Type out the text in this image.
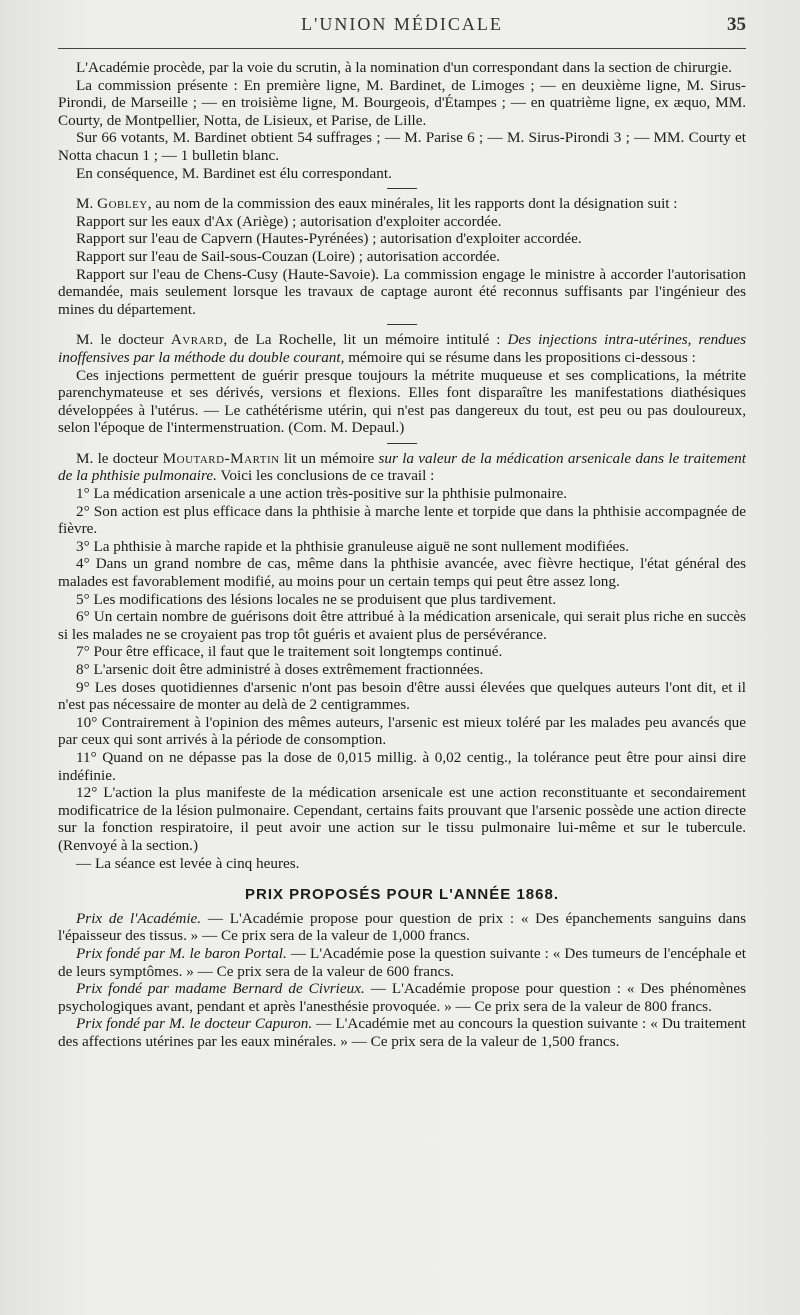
L'UNION MÉDICALE	35

L'Académie procède, par la voie du scrutin, à la nomination d'un correspondant dans la section de chirurgie.

La commission présente : En première ligne, M. Bardinet, de Limoges ; — en deuxième ligne, M. Sirus-Pirondi, de Marseille ; — en troisième ligne, M. Bourgeois, d'Étampes ; — en quatrième ligne, ex æquo, MM. Courty, de Montpellier, Notta, de Lisieux, et Parise, de Lille.

Sur 66 votants, M. Bardinet obtient 54 suffrages ; — M. Parise 6 ; — M. Sirus-Pirondi 3 ; — MM. Courty et Notta chacun 1 ; — 1 bulletin blanc.

En conséquence, M. Bardinet est élu correspondant.

M. Gobley, au nom de la commission des eaux minérales, lit les rapports dont la désignation suit :

Rapport sur les eaux d'Ax (Ariège) ; autorisation d'exploiter accordée.

Rapport sur l'eau de Capvern (Hautes-Pyrénées) ; autorisation d'exploiter accordée.

Rapport sur l'eau de Sail-sous-Couzan (Loire) ; autorisation accordée.

Rapport sur l'eau de Chens-Cusy (Haute-Savoie). La commission engage le ministre à accorder l'autorisation demandée, mais seulement lorsque les travaux de captage auront été reconnus suffisants par l'ingénieur des mines du département.

M. le docteur Avrard, de La Rochelle, lit un mémoire intitulé : Des injections intra-utérines, rendues inoffensives par la méthode du double courant, mémoire qui se résume dans les propositions ci-dessous :

Ces injections permettent de guérir presque toujours la métrite muqueuse et ses complications, la métrite parenchymateuse et ses dérivés, versions et flexions. Elles font disparaître les manifestations diathésiques développées à l'utérus. — Le cathétérisme utérin, qui n'est pas dangereux du tout, est peu ou pas douloureux, selon l'époque de l'intermenstruation. (Com. M. Depaul.)

M. le docteur Moutard-Martin lit un mémoire sur la valeur de la médication arsenicale dans le traitement de la phthisie pulmonaire. Voici les conclusions de ce travail :

1° La médication arsenicale a une action très-positive sur la phthisie pulmonaire.

2° Son action est plus efficace dans la phthisie à marche lente et torpide que dans la phthisie accompagnée de fièvre.

3° La phthisie à marche rapide et la phthisie granuleuse aiguë ne sont nullement modifiées.

4° Dans un grand nombre de cas, même dans la phthisie avancée, avec fièvre hectique, l'état général des malades est favorablement modifié, au moins pour un certain temps qui peut être assez long.

5° Les modifications des lésions locales ne se produisent que plus tardivement.

6° Un certain nombre de guérisons doit être attribué à la médication arsenicale, qui serait plus riche en succès si les malades ne se croyaient pas trop tôt guéris et avaient plus de persévérance.

7° Pour être efficace, il faut que le traitement soit longtemps continué.

8° L'arsenic doit être administré à doses extrêmement fractionnées.

9° Les doses quotidiennes d'arsenic n'ont pas besoin d'être aussi élevées que quelques auteurs l'ont dit, et il n'est pas nécessaire de monter au delà de 2 centigrammes.

10° Contrairement à l'opinion des mêmes auteurs, l'arsenic est mieux toléré par les malades peu avancés que par ceux qui sont arrivés à la période de consomption.

11° Quand on ne dépasse pas la dose de 0,015 millig. à 0,02 centig., la tolérance peut être pour ainsi dire indéfinie.

12° L'action la plus manifeste de la médication arsenicale est une action reconstituante et secondairement modificatrice de la lésion pulmonaire. Cependant, certains faits prouvant que l'arsenic possède une action directe sur la fonction respiratoire, il peut avoir une action sur le tissu pulmonaire lui-même et sur le tubercule. (Renvoyé à la section.)

— La séance est levée à cinq heures.

PRIX PROPOSÉS POUR L'ANNÉE 1868.

Prix de l'Académie. — L'Académie propose pour question de prix : « Des épanchements sanguins dans l'épaisseur des tissus. » — Ce prix sera de la valeur de 1,000 francs.

Prix fondé par M. le baron Portal. — L'Académie pose la question suivante : « Des tumeurs de l'encéphale et de leurs symptômes. » — Ce prix sera de la valeur de 600 francs.

Prix fondé par madame Bernard de Civrieux. — L'Académie propose pour question : « Des phénomènes psychologiques avant, pendant et après l'anesthésie provoquée. » — Ce prix sera de la valeur de 800 francs.

Prix fondé par M. le docteur Capuron. — L'Académie met au concours la question suivante : « Du traitement des affections utérines par les eaux minérales. » — Ce prix sera de la valeur de 1,500 francs.
